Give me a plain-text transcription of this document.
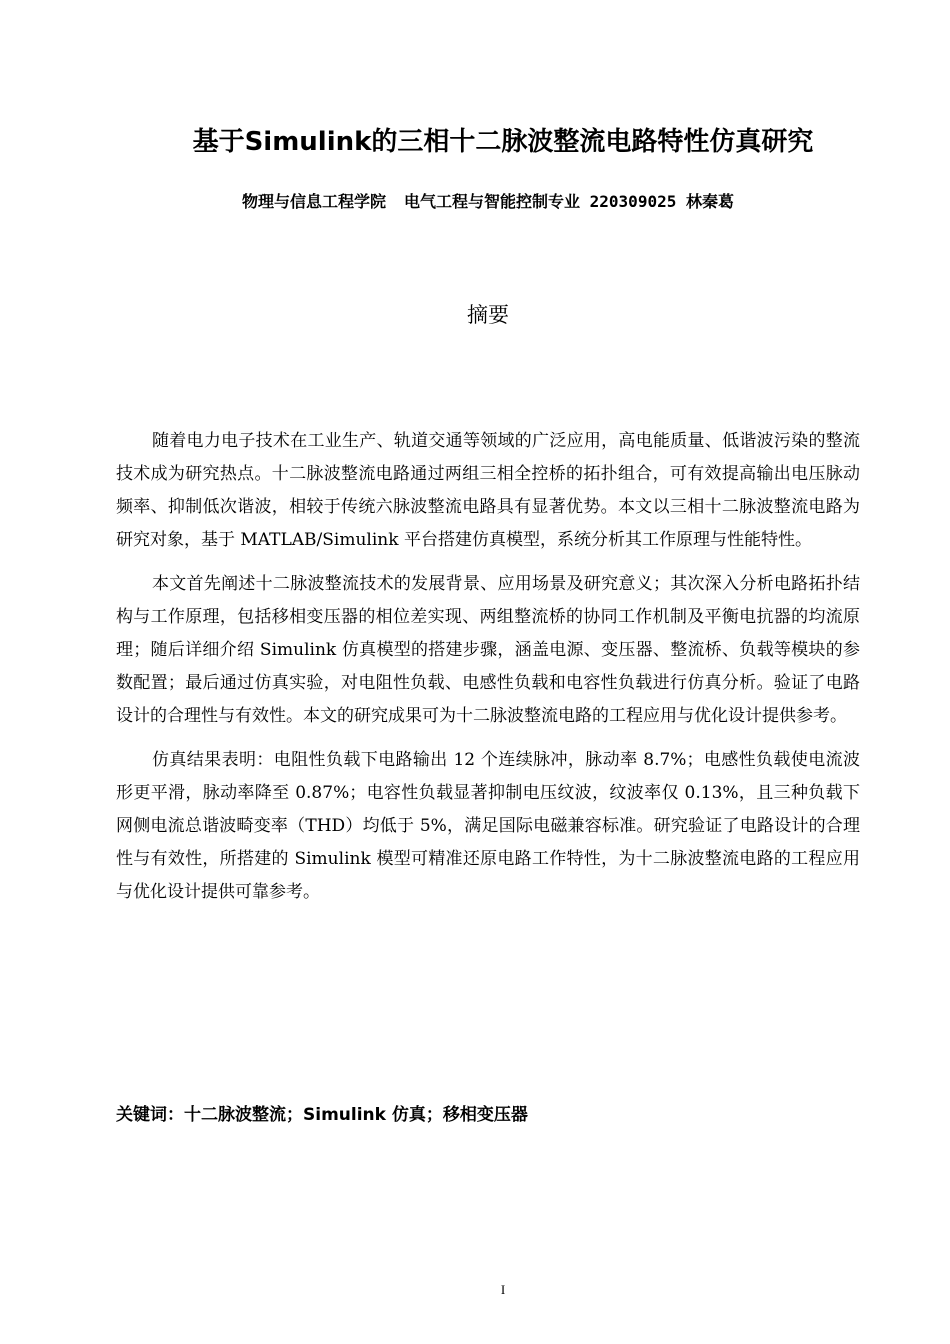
基于Simulink的三相十二脉波整流电路特性仿真研究
物理与信息工程学院 电气工程与智能控制专业 220309025 林秦葛
摘要

随着电力电子技术在工业生产、轨道交通等领域的广泛应用，高电能质量、低谐波污染的整流技术成为研究热点。十二脉波整流电路通过两组三相全控桥的拓扑组合，可有效提高输出电压脉动频率、抑制低次谐波，相较于传统六脉波整流电路具有显著优势。本文以三相十二脉波整流电路为研究对象，基于 MATLAB/Simulink 平台搭建仿真模型，系统分析其工作原理与性能特性。

本文首先阐述十二脉波整流技术的发展背景、应用场景及研究意义；其次深入分析电路拓扑结构与工作原理，包括移相变压器的相位差实现、两组整流桥的协同工作机制及平衡电抗器的均流原理；随后详细介绍 Simulink 仿真模型的搭建步骤，涵盖电源、变压器、整流桥、负载等模块的参数配置；最后通过仿真实验，对电阻性负载、电感性负载和电容性负载进行仿真分析。验证了电路设计的合理性与有效性。本文的研究成果可为十二脉波整流电路的工程应用与优化设计提供参考。

仿真结果表明：电阻性负载下电路输出 12 个连续脉冲，脉动率 8.7%；电感性负载使电流波形更平滑，脉动率降至 0.87%；电容性负载显著抑制电压纹波，纹波率仅 0.13%，且三种负载下网侧电流总谐波畸变率（THD）均低于 5%，满足国际电磁兼容标准。研究验证了电路设计的合理性与有效性，所搭建的 Simulink 模型可精准还原电路工作特性，为十二脉波整流电路的工程应用与优化设计提供可靠参考。

关键词：十二脉波整流；Simulink 仿真；移相变压器
I
